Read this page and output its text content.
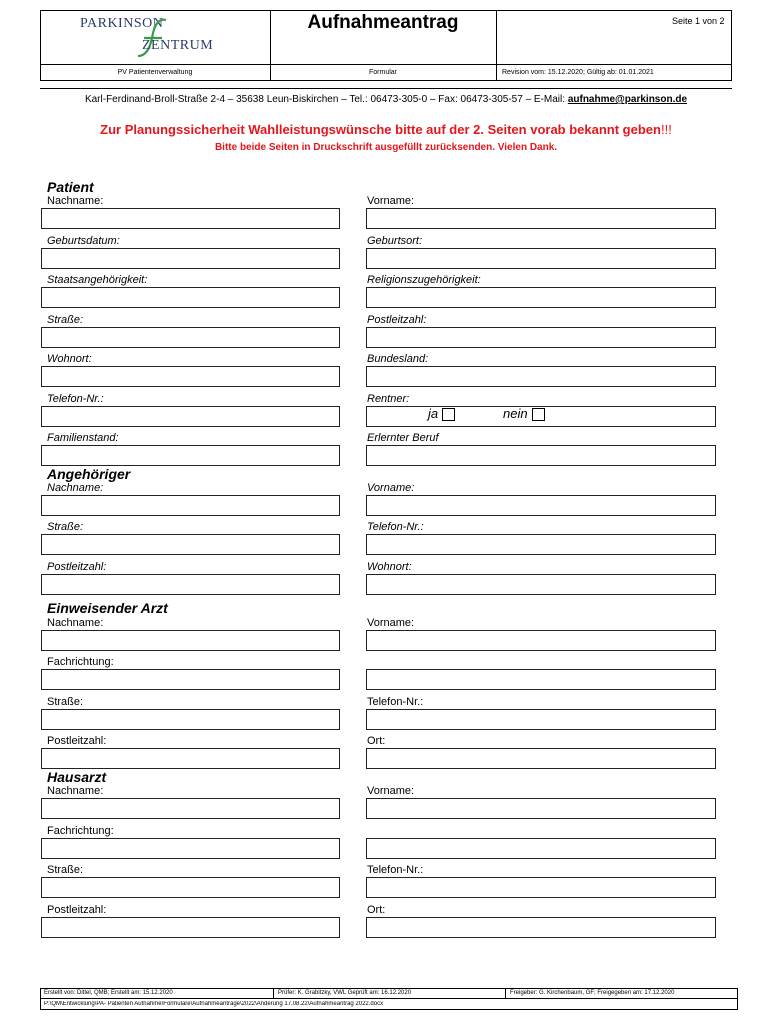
PARKINSON
ZENTRUM
Aufnahmeantrag	Seite 1 von 2
PV Patientenverwaltung	Formular	Revision vom: 15.12.2020; Gültig ab: 01.01.2021
Karl-Ferdinand-Broll-Straße 2-4 – 35638 Leun-Biskirchen – Tel.: 06473-305-0 – Fax: 06473-305-57 – E-Mail: aufnahme@parkinson.de
Zur Planungssicherheit Wahlleistungswünsche bitte auf der 2. Seiten vorab bekannt geben!!!
Bitte beide Seiten in Druckschrift ausgefüllt zurücksenden. Vielen Dank.
Patient
Nachname:	Vorname:
Geburtsdatum:	Geburtsort:
Staatsangehörigkeit:	Religionszugehörigkeit:
Straße:	Postleitzahl:
Wohnort:	Bundesland:
Telefon-Nr.:	Rentner:
ja	nein
Familienstand:	Erlernter Beruf
Angehöriger
Nachname:	Vorname:
Straße:	Telefon-Nr.:
Postleitzahl:	Wohnort:
Einweisender Arzt
Nachname:	Vorname:
Fachrichtung:
Straße:	Telefon-Nr.:
Postleitzahl:	Ort:
Hausarzt
Nachname:	Vorname:
Fachrichtung:
Straße:	Telefon-Nr.:
Postleitzahl:	Ort:
Erstellt von: Dittel, QMB; Erstellt am: 15.12.2020	Prüfer: K. Grabitzky, VWL Geprüft am: 16.12.2020	Freigeber: G. Kirchenbaum, GF; Freigegeben am: 17.12.2020
P:\QM\Entwicklung\PA- Patienten Aufnahme\Formulare\Aufnahmeanträge\2022\Änderung 17.08.22\Aufnahmeantrag 2022.docx
